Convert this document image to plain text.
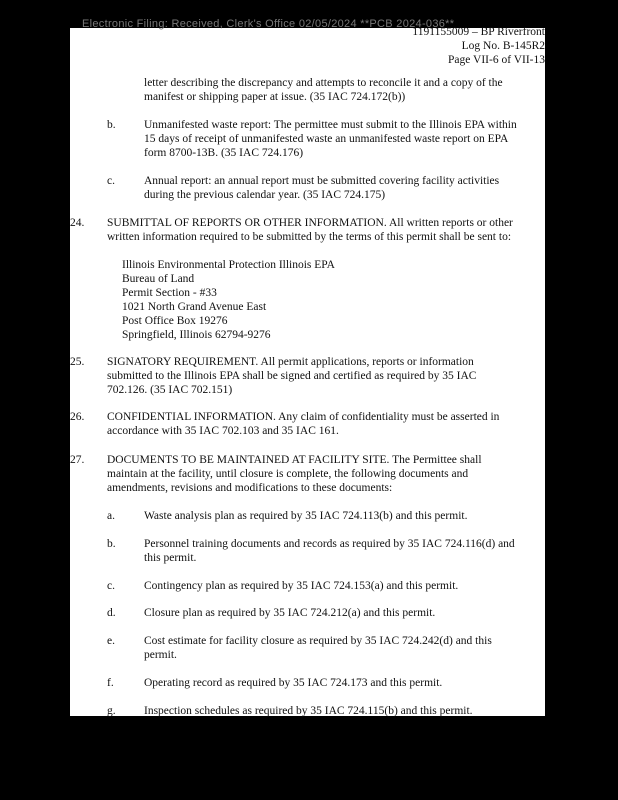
Electronic Filing: Received, Clerk's Office 02/05/2024 **PCB 2024-036**
1191155009 – BP Riverfront
Log No. B-145R2
Page VII-6 of VII-13
letter describing the discrepancy and attempts to reconcile it and a copy of the
manifest or shipping paper at issue. (35 IAC 724.172(b))
b. Unmanifested waste report: The permittee must submit to the Illinois EPA within
15 days of receipt of unmanifested waste an unmanifested waste report on EPA
form 8700-13B. (35 IAC 724.176)
c.	Annual report: an annual report must be submitted covering facility activities
during the previous calendar year. (35 IAC 724.175)
24. SUBMITTAL OF REPORTS OR OTHER INFORMATION. All written reports or other
written information required to be submitted by the terms of this permit shall be sent to:
Illinois Environmental Protection Illinois EPA
Bureau of Land
Permit Section - #33
1021 North Grand Avenue East
Post Office Box 19276
Springfield, Illinois 62794-9276
25. SIGNATORY REQUIREMENT. All permit applications, reports or information
submitted to the Illinois EPA shall be signed and certified as required by 35 IAC
702.126. (35 IAC 702.151)
26. CONFIDENTIAL INFORMATION. Any claim of confidentiality must be asserted in
accordance with 35 IAC 702.103 and 35 IAC 161.
27. DOCUMENTS TO BE MAINTAINED AT FACILITY SITE. The Permittee shall
maintain at the facility, until closure is complete, the following documents and
amendments, revisions and modifications to these documents:
a.	Waste analysis plan as required by 35 IAC 724.113(b) and this permit.
b. Personnel training documents and records as required by 35 IAC 724.116(d) and
this permit.
c.	Contingency plan as required by 35 IAC 724.153(a) and this permit.
d. Closure plan as required by 35 IAC 724.212(a) and this permit.
e.	Cost estimate for facility closure as required by 35 IAC 724.242(d) and this
permit.
f.	Operating record as required by 35 IAC 724.173 and this permit.
g. Inspection schedules as required by 35 IAC 724.115(b) and this permit.
